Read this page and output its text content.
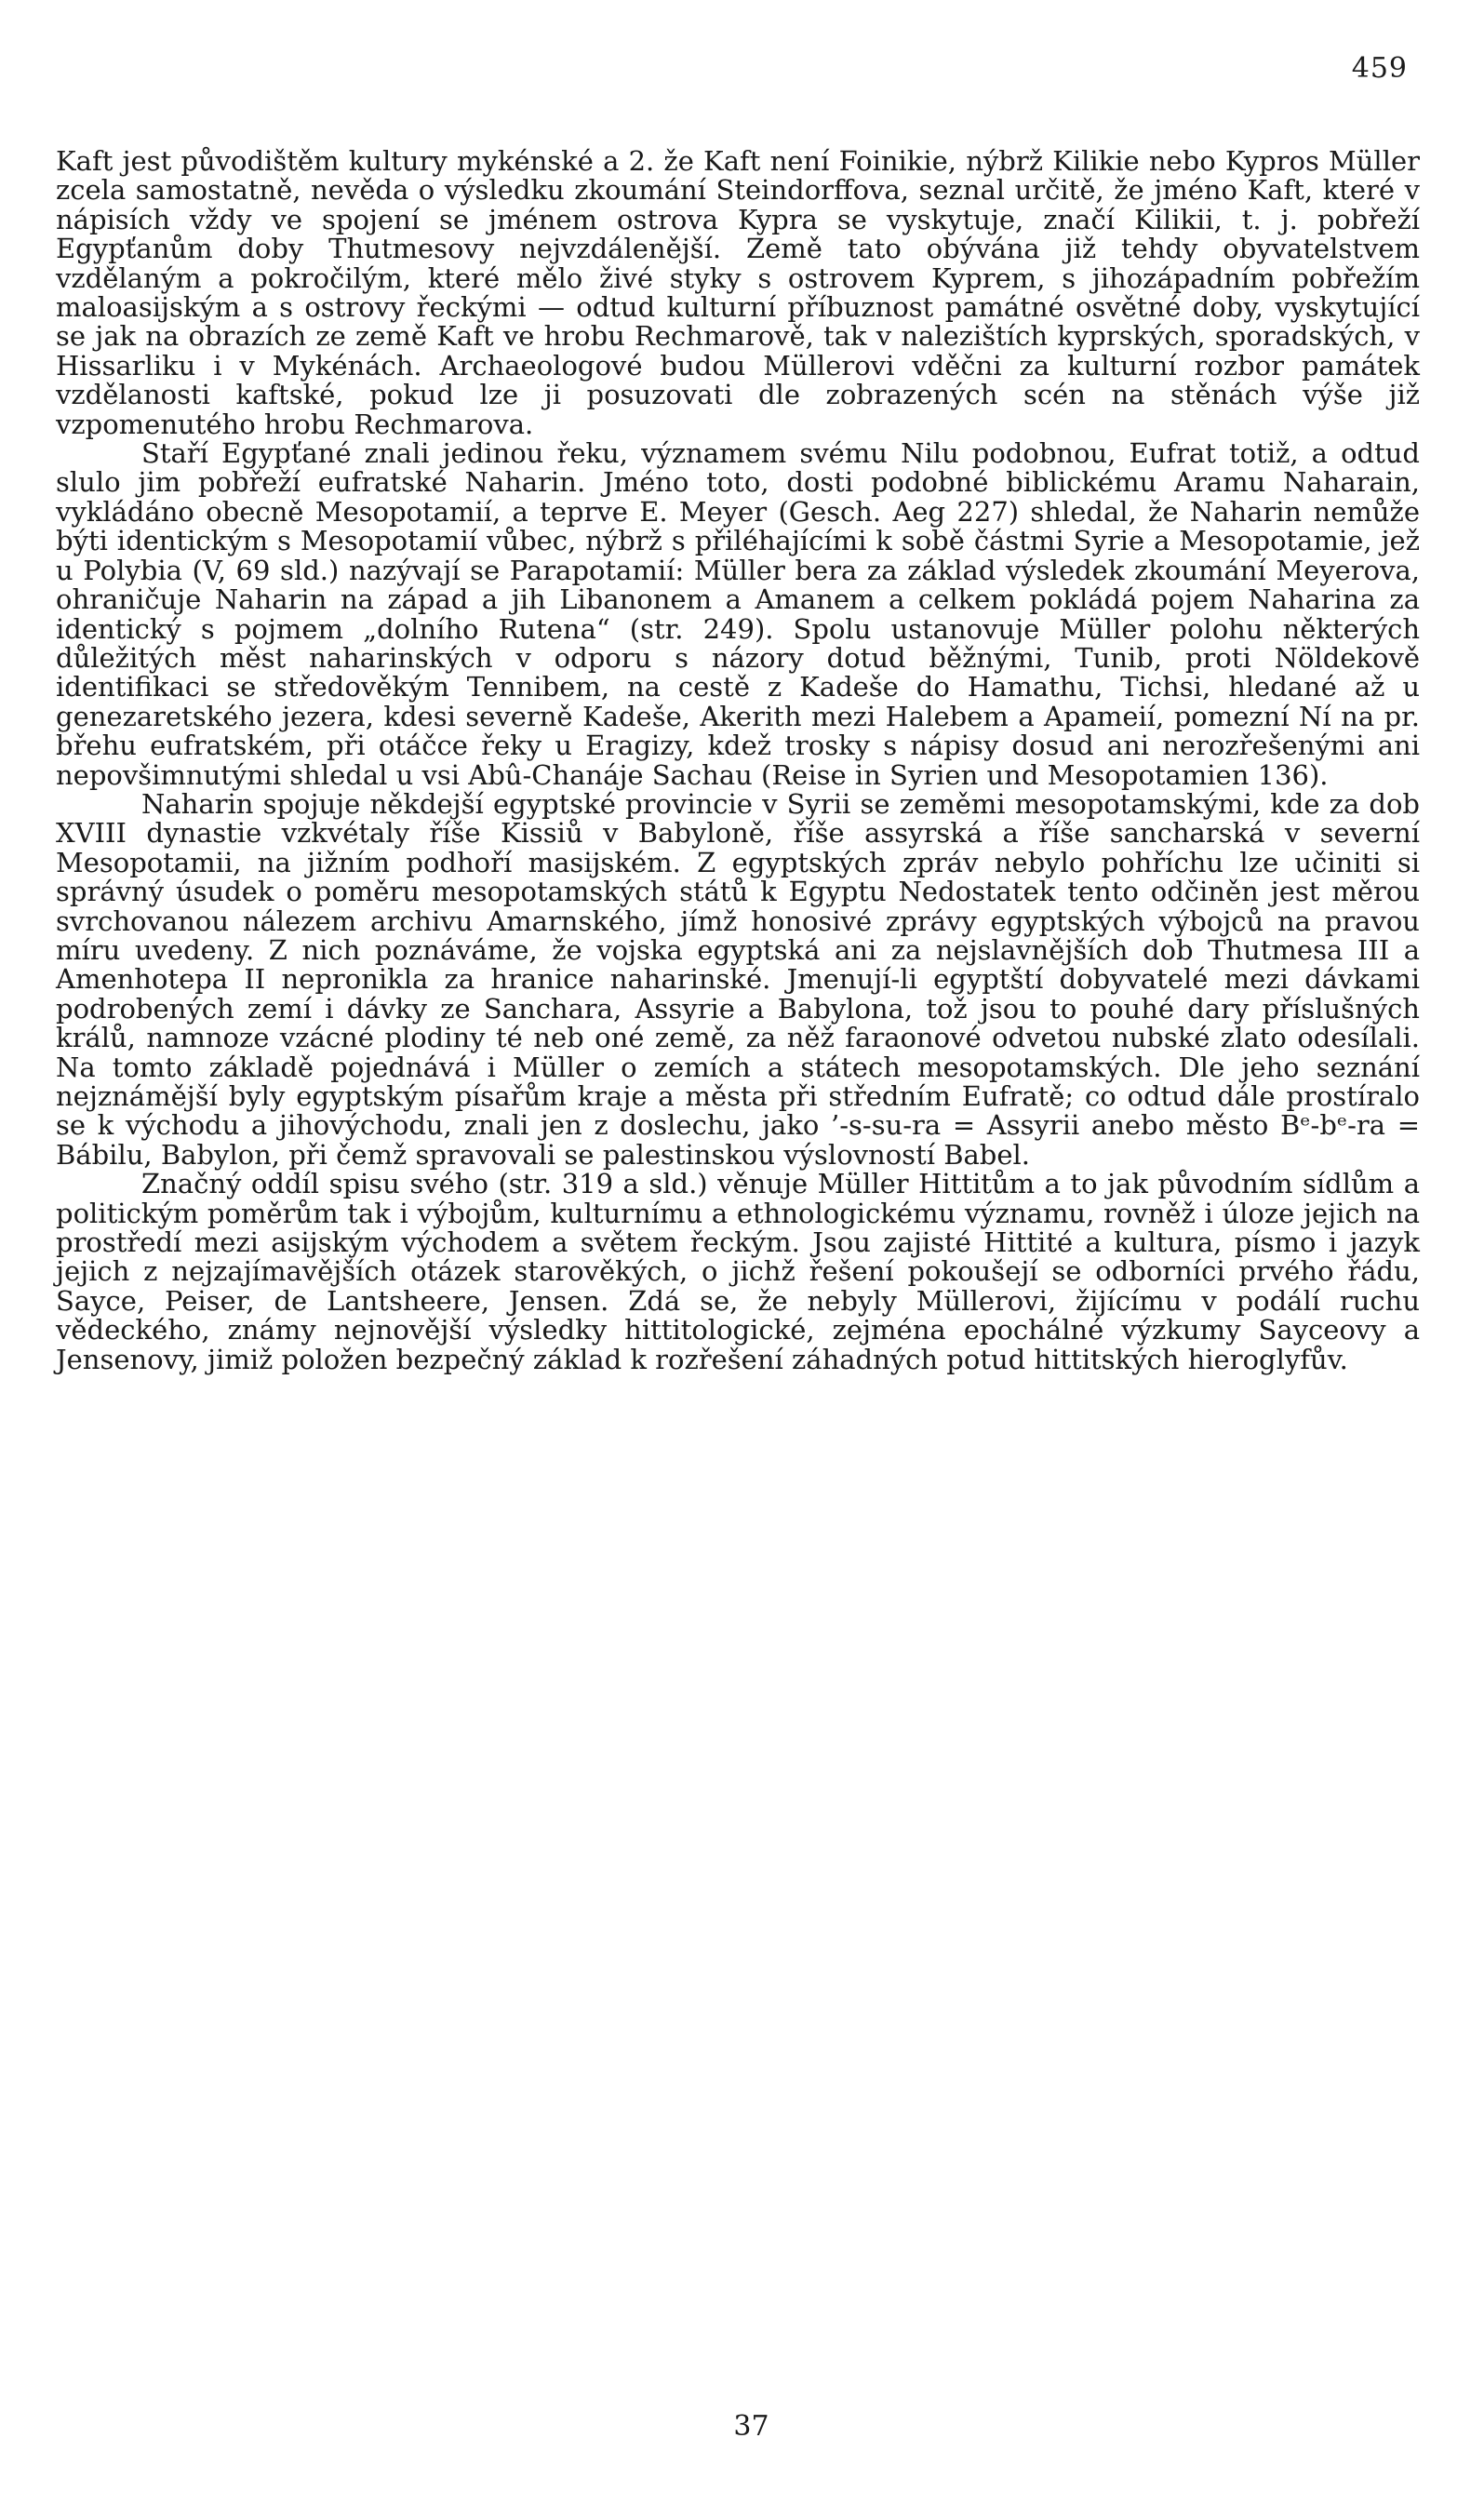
459

Kaft jest původištěm kultury mykénské a 2. že Kaft není Foinikie, nýbrž Kilikie nebo Kypros Müller zcela samostatně, nevěda o výsledku zkoumání Steindorffova, seznal určitě, že jméno Kaft, které v nápisích vždy ve spojení se jménem ostrova Kypra se vyskytuje, značí Kilikii, t. j. pobřeží Egypťanům doby Thutmesovy nejvzdálenější. Země tato obývána již tehdy obyvatelstvem vzdělaným a pokročilým, které mělo živé styky s ostrovem Kyprem, s jihozápadním pobřežím maloasijským a s ostrovy řeckými — odtud kulturní příbuznost památné osvětné doby, vyskytující se jak na obrazích ze země Kaft ve hrobu Rechmarově, tak v nalezištích kyprských, sporadských, v Hissarliku i v Mykénách. Archaeologové budou Müllerovi vděčni za kulturní rozbor památek vzdělanosti kaftské, pokud lze ji posuzovati dle zobrazených scén na stěnách výše již vzpomenutého hrobu Rechmarova.

Staří Egypťané znali jedinou řeku, významem svému Nilu podobnou, Eufrat totiž, a odtud slulo jim pobřeží eufratské Naharin. Jméno toto, dosti podobné biblickému Aramu Naharain, vykládáno obecně Mesopotamií, a teprve E. Meyer (Gesch. Aeg 227) shledal, že Naharin nemůže býti identickým s Mesopotamií vůbec, nýbrž s přiléhajícími k sobě částmi Syrie a Mesopotamie, jež u Polybia (V, 69 sld.) nazývají se Parapotamií: Müller bera za základ výsledek zkoumání Meyerova, ohraničuje Naharin na západ a jih Libanonem a Amanem a celkem pokládá pojem Naharina za identický s pojmem „dolního Rutena“ (str. 249). Spolu ustanovuje Müller polohu některých důležitých měst naharinských v odporu s názory dotud běžnými, Tunib, proti Nöldekově identifikaci se středověkým Tennibem, na cestě z Kadeše do Hamathu, Tichsi, hledané až u genezaretského jezera, kdesi severně Kadeše, Akerith mezi Halebem a Apameií, pomezní Ní na pr. břehu eufratském, při otáčce řeky u Eragizy, kdež trosky s nápisy dosud ani nerozřešenými ani nepovšimnutými shledal u vsi Abû-Chanáje Sachau (Reise in Syrien und Mesopotamien 136).

Naharin spojuje někdejší egyptské provincie v Syrii se zeměmi mesopotamskými, kde za dob XVIII dynastie vzkvétaly říše Kissiů v Babyloně, říše assyrská a říše sancharská v severní Mesopotamii, na jižním podhoří masijském. Z egyptských zpráv nebylo pohříchu lze učiniti si správný úsudek o poměru mesopotamských států k Egyptu Nedostatek tento odčiněn jest měrou svrchovanou nálezem archivu Amarnského, jímž honosivé zprávy egyptských výbojců na pravou míru uvedeny. Z nich poznáváme, že vojska egyptská ani za nejslavnějších dob Thutmesa III a Amenhotepa II nepronikla za hranice naharinské. Jmenují-li egyptští dobyvatelé mezi dávkami podrobených zemí i dávky ze Sanchara, Assyrie a Babylona, tož jsou to pouhé dary příslušných králů, namnoze vzácné plodiny té neb oné země, za něž faraonové odvetou nubské zlato odesílali. Na tomto základě pojednává i Müller o zemích a státech mesopotamských. Dle jeho seznání nejznámější byly egyptským písařům kraje a města při středním Eufratě; co odtud dále prostíralo se k východu a jihovýchodu, znali jen z doslechu, jako ’-s-su-ra = Assyrii anebo město Bᵉ-bᵉ-ra = Bábilu, Babylon, při čemž spravovali se palestinskou výslovností Babel.

Značný oddíl spisu svého (str. 319 a sld.) věnuje Müller Hittitům a to jak původním sídlům a politickým poměrům tak i výbojům, kulturnímu a ethnologickému významu, rovněž i úloze jejich na prostředí mezi asijským východem a světem řeckým. Jsou zajisté Hittité a kultura, písmo i jazyk jejich z nejzajímavějších otázek starověkých, o jichž řešení pokoušejí se odborníci prvého řádu, Sayce, Peiser, de Lantsheere, Jensen. Zdá se, že nebyly Müllerovi, žijícímu v podálí ruchu vědeckého, známy nejnovější výsledky hittitologické, zejména epochálné výzkumy Sayceovy a Jensenovy, jimiž položen bezpečný základ k rozřešení záhadných potud hittitských hieroglyfův.

37
